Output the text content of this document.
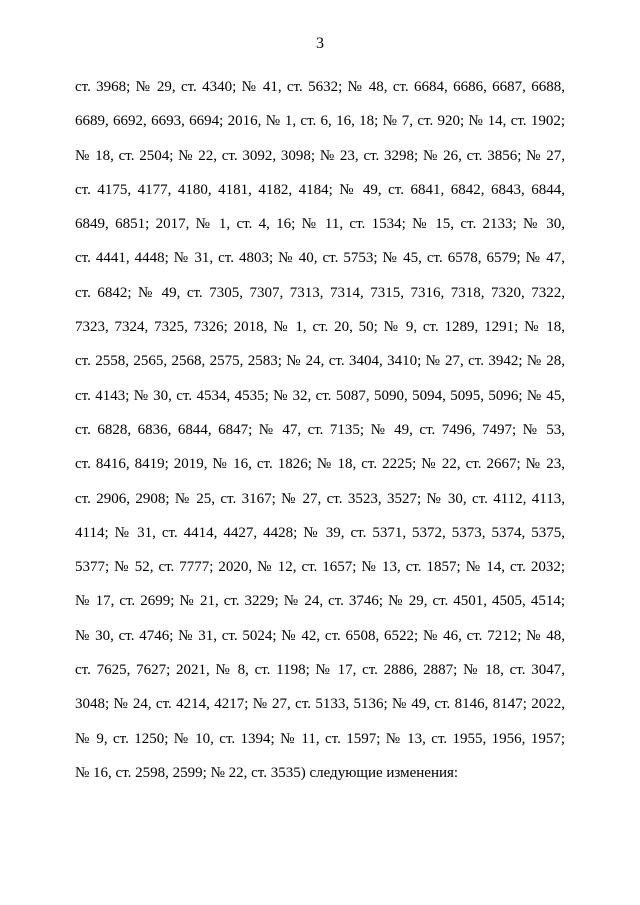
3
ст. 3968; № 29, ст. 4340; № 41, ст. 5632; № 48, ст. 6684, 6686, 6687, 6688,
6689, 6692, 6693, 6694; 2016, № 1, ст. 6, 16, 18; № 7, ст. 920; № 14, ст. 1902;
№ 18, ст. 2504; № 22, ст. 3092, 3098; № 23, ст. 3298; № 26, ст. 3856; № 27,
ст. 4175, 4177, 4180, 4181, 4182, 4184; № 49, ст. 6841, 6842, 6843, 6844,
6849, 6851; 2017, № 1, ст. 4, 16; № 11, ст. 1534; № 15, ст. 2133; № 30,
ст. 4441, 4448; № 31, ст. 4803; № 40, ст. 5753; № 45, ст. 6578, 6579; № 47,
ст. 6842; № 49, ст. 7305, 7307, 7313, 7314, 7315, 7316, 7318, 7320, 7322,
7323, 7324, 7325, 7326; 2018, № 1, ст. 20, 50; № 9, ст. 1289, 1291; № 18,
ст. 2558, 2565, 2568, 2575, 2583; № 24, ст. 3404, 3410; № 27, ст. 3942; № 28,
ст. 4143; № 30, ст. 4534, 4535; № 32, ст. 5087, 5090, 5094, 5095, 5096; № 45,
ст. 6828, 6836, 6844, 6847; № 47, ст. 7135; № 49, ст. 7496, 7497; № 53,
ст. 8416, 8419; 2019, № 16, ст. 1826; № 18, ст. 2225; № 22, ст. 2667; № 23,
ст. 2906, 2908; № 25, ст. 3167; № 27, ст. 3523, 3527; № 30, ст. 4112, 4113,
4114; № 31, ст. 4414, 4427, 4428; № 39, ст. 5371, 5372, 5373, 5374, 5375,
5377; № 52, ст. 7777; 2020, № 12, ст. 1657; № 13, ст. 1857; № 14, ст. 2032;
№ 17, ст. 2699; № 21, ст. 3229; № 24, ст. 3746; № 29, ст. 4501, 4505, 4514;
№ 30, ст. 4746; № 31, ст. 5024; № 42, ст. 6508, 6522; № 46, ст. 7212; № 48,
ст. 7625, 7627; 2021, № 8, ст. 1198; № 17, ст. 2886, 2887; № 18, ст. 3047,
3048; № 24, ст. 4214, 4217; № 27, ст. 5133, 5136; № 49, ст. 8146, 8147; 2022,
№ 9, ст. 1250; № 10, ст. 1394; № 11, ст. 1597; № 13, ст. 1955, 1956, 1957;
№ 16, ст. 2598, 2599; № 22, ст. 3535) следующие изменения:
